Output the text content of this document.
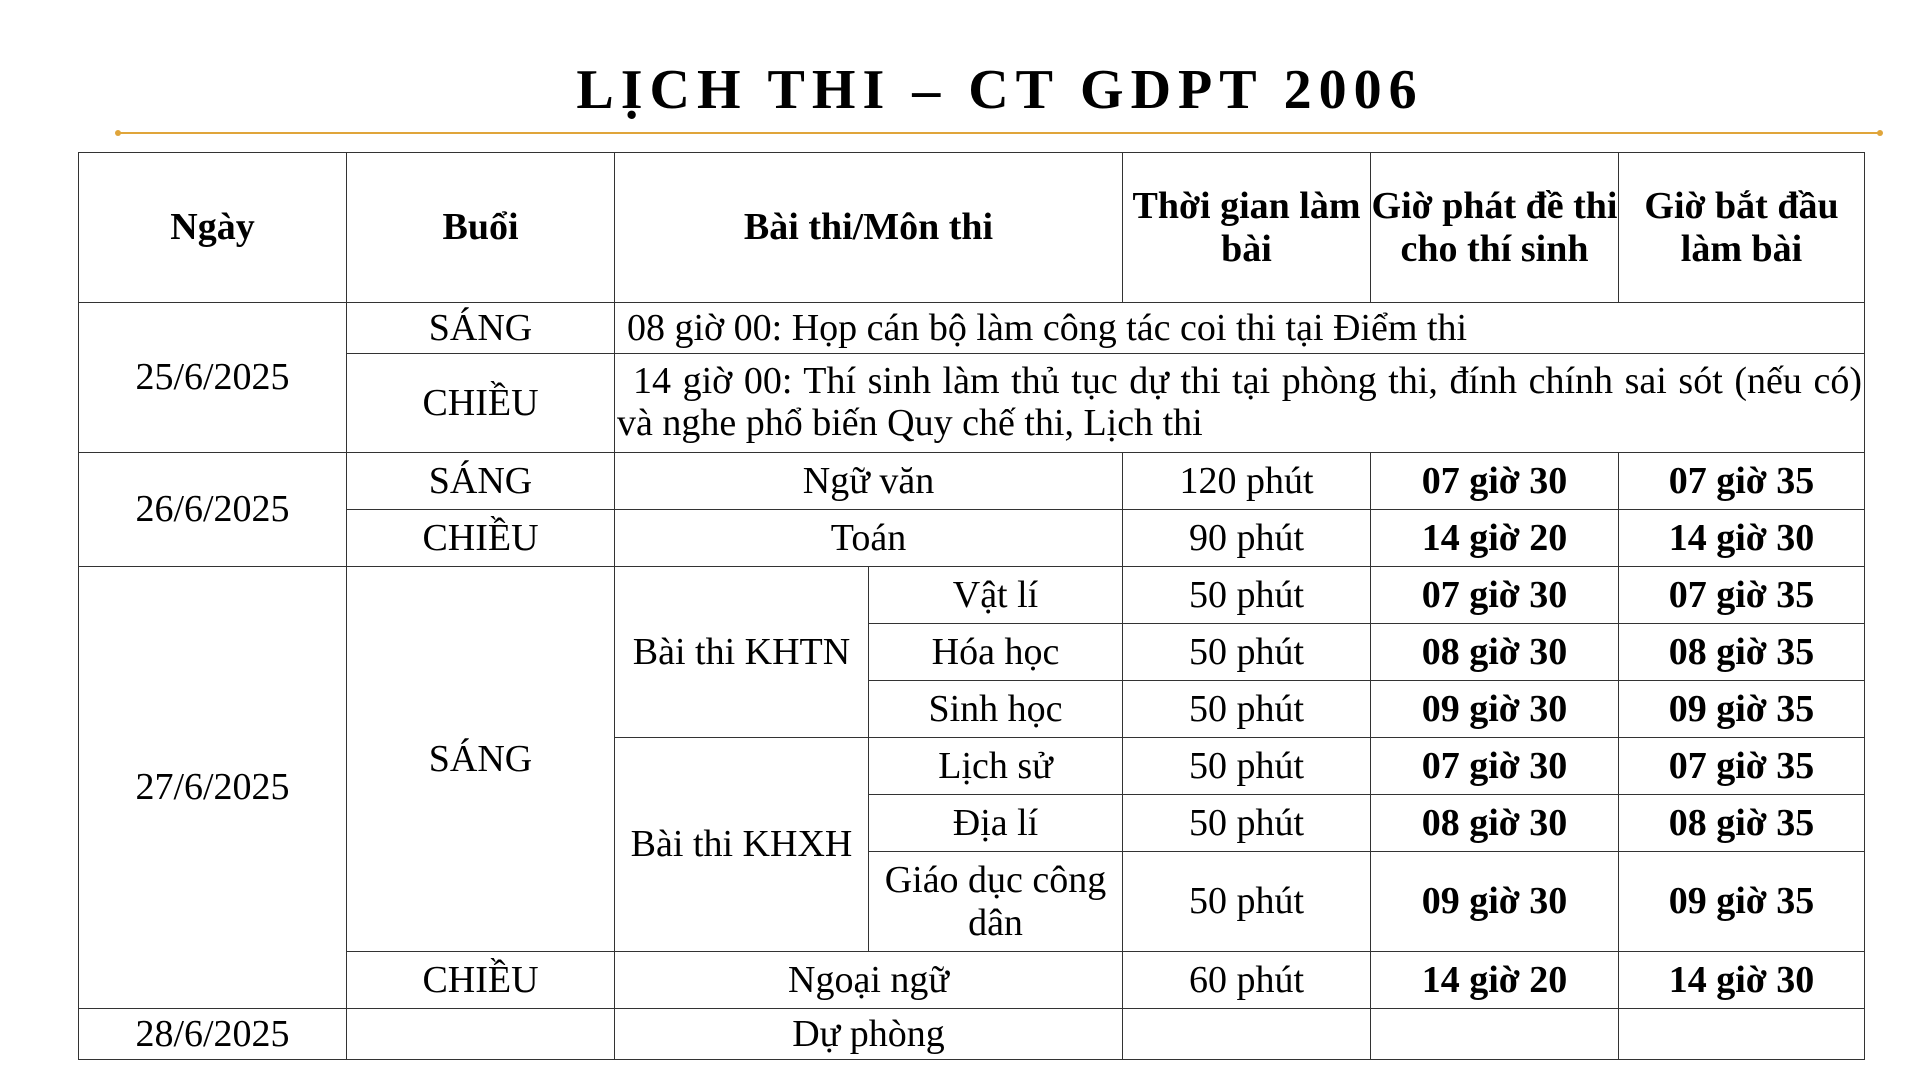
LỊCH THI – CT GDPT 2006
Ngày	Buổi	Bài thi/Môn thi		Thời gian làm bài	Giờ phát đề thi cho thí sinh	Giờ bắt đầu làm bài
25/6/2025	SÁNG	08 giờ 00: Họp cán bộ làm công tác coi thi tại Điểm thi				
	CHIỀU	14 giờ 00: Thí sinh làm thủ tục dự thi tại phòng thi, đính chính sai sót (nếu có) và nghe phổ biến Quy chế thi, Lịch thi				
26/6/2025	SÁNG	Ngữ văn		120 phút	07 giờ 30	07 giờ 35
	CHIỀU	Toán		90 phút	14 giờ 20	14 giờ 30
27/6/2025	SÁNG	Bài thi KHTN	Vật lí	50 phút	07 giờ 30	07 giờ 35
			Hóa học	50 phút	08 giờ 30	08 giờ 35
			Sinh học	50 phút	09 giờ 30	09 giờ 35
		Bài thi KHXH	Lịch sử	50 phút	07 giờ 30	07 giờ 35
			Địa lí	50 phút	08 giờ 30	08 giờ 35
			Giáo dục công dân	50 phút	09 giờ 30	09 giờ 35
	CHIỀU	Ngoại ngữ		60 phút	14 giờ 20	14 giờ 30
28/6/2025		Dự phòng				
